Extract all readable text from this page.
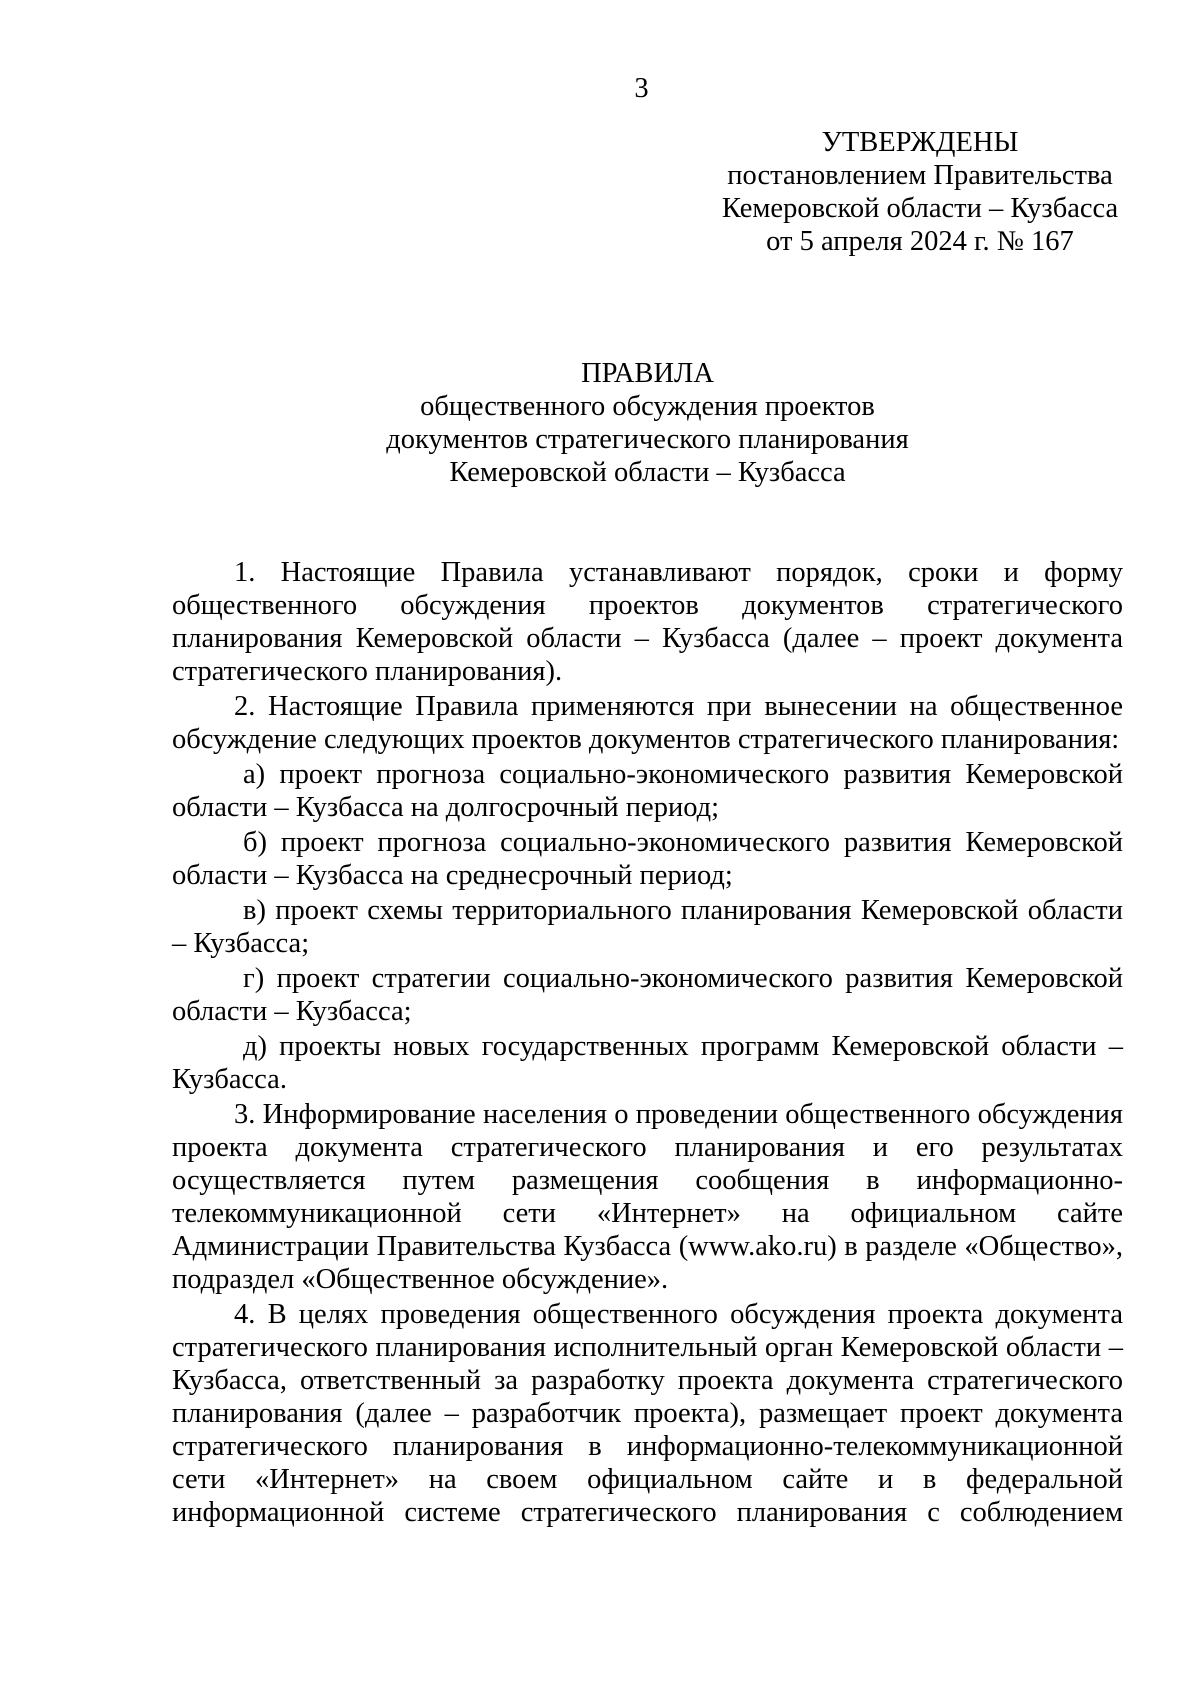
3
УТВЕРЖДЕНЫ
постановлением Правительства
Кемеровской области – Кузбасса
от 5 апреля 2024 г. № 167
ПРАВИЛА
общественного обсуждения проектов
документов стратегического планирования
Кемеровской области – Кузбасса

1. Настоящие Правила устанавливают порядок, сроки и форму общественного обсуждения проектов документов стратегического планирования Кемеровской области – Кузбасса (далее – проект документа стратегического планирования).

2. Настоящие Правила применяются при вынесении на общественное обсуждение следующих проектов документов стратегического планирования:

а) проект прогноза социально-экономического развития Кемеровской области – Кузбасса на долгосрочный период;

б) проект прогноза социально-экономического развития Кемеровской области – Кузбасса на среднесрочный период;

в) проект схемы территориального планирования Кемеровской области – Кузбасса;

г) проект стратегии социально-экономического развития Кемеровской области – Кузбасса;

д) проекты новых государственных программ Кемеровской области – Кузбасса.

3. Информирование населения о проведении общественного обсуждения проекта документа стратегического планирования и его результатах осуществляется путем размещения сообщения в информационно-телекоммуникационной сети «Интернет» на официальном сайте Администрации Правительства Кузбасса (www.ako.ru) в разделе «Общество», подраздел «Общественное обсуждение».

4. В целях проведения общественного обсуждения проекта документа стратегического планирования исполнительный орган Кемеровской области – Кузбасса, ответственный за разработку проекта документа стратегического планирования (далее – разработчик проекта), размещает проект документа стратегического планирования в информационно-телекоммуникационной сети «Интернет» на своем официальном сайте и в федеральной информационной системе стратегического планирования с соблюдением
